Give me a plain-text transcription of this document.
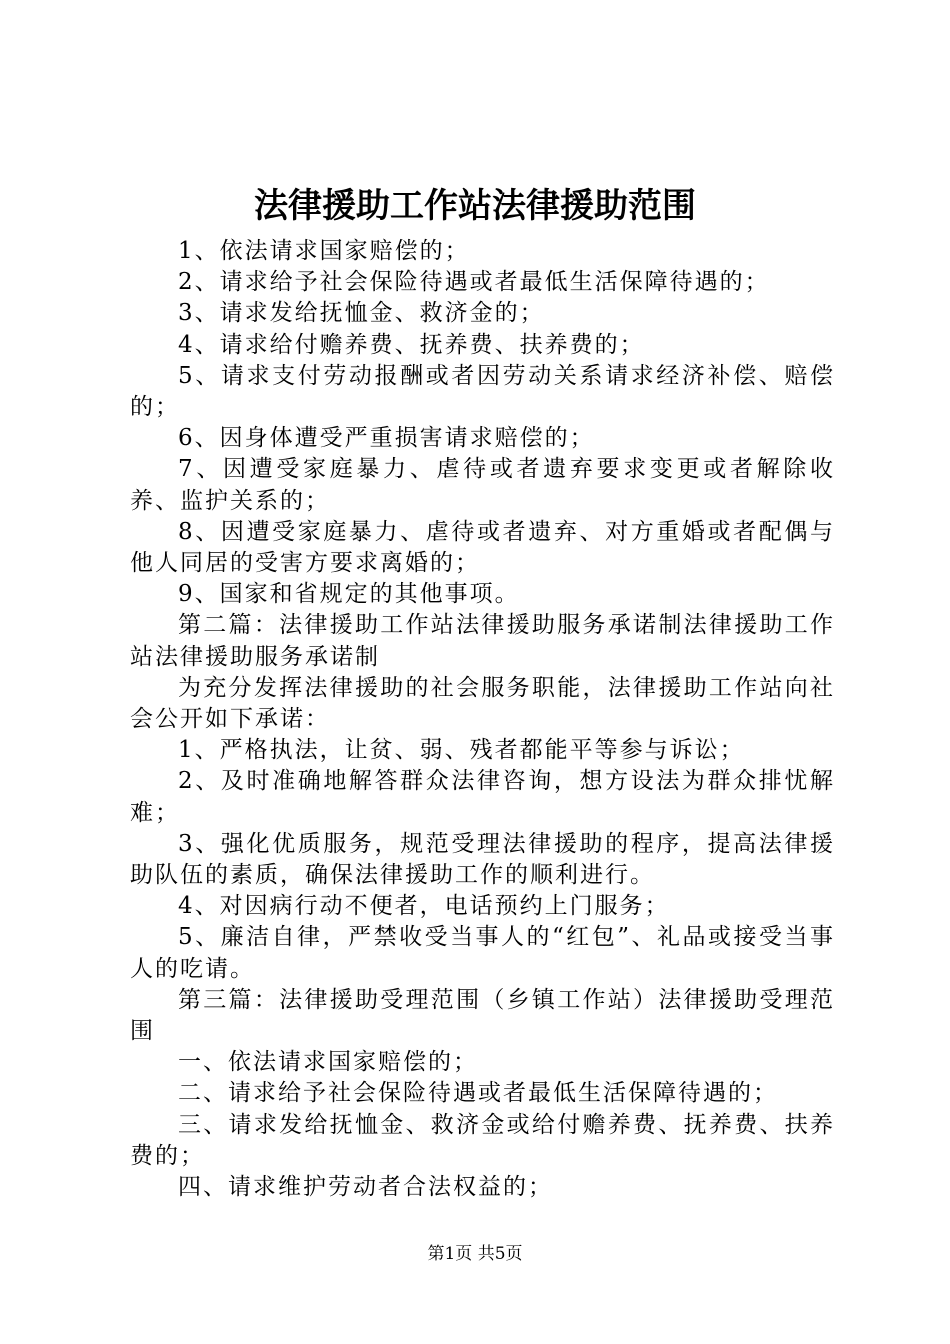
法律援助工作站法律援助范围

1、依法请求国家赔偿的；

2、请求给予社会保险待遇或者最低生活保障待遇的；

3、请求发给抚恤金、救济金的；

4、请求给付赡养费、抚养费、扶养费的；

5、请求支付劳动报酬或者因劳动关系请求经济补偿、赔偿的；

6、因身体遭受严重损害请求赔偿的；

7、因遭受家庭暴力、虐待或者遗弃要求变更或者解除收养、监护关系的；

8、因遭受家庭暴力、虐待或者遗弃、对方重婚或者配偶与他人同居的受害方要求离婚的；

9、国家和省规定的其他事项。

第二篇：法律援助工作站法律援助服务承诺制法律援助工作站法律援助服务承诺制

为充分发挥法律援助的社会服务职能，法律援助工作站向社会公开如下承诺：

1、严格执法，让贫、弱、残者都能平等参与诉讼；

2、及时准确地解答群众法律咨询，想方设法为群众排忧解难；

3、强化优质服务，规范受理法律援助的程序，提高法律援助队伍的素质，确保法律援助工作的顺利进行。

4、对因病行动不便者，电话预约上门服务；

5、廉洁自律，严禁收受当事人的“红包”、礼品或接受当事人的吃请。

第三篇：法律援助受理范围（乡镇工作站）法律援助受理范围

一、依法请求国家赔偿的；

二、请求给予社会保险待遇或者最低生活保障待遇的；

三、请求发给抚恤金、救济金或给付赡养费、抚养费、扶养费的；

四、请求维护劳动者合法权益的；

第1页 共5页
